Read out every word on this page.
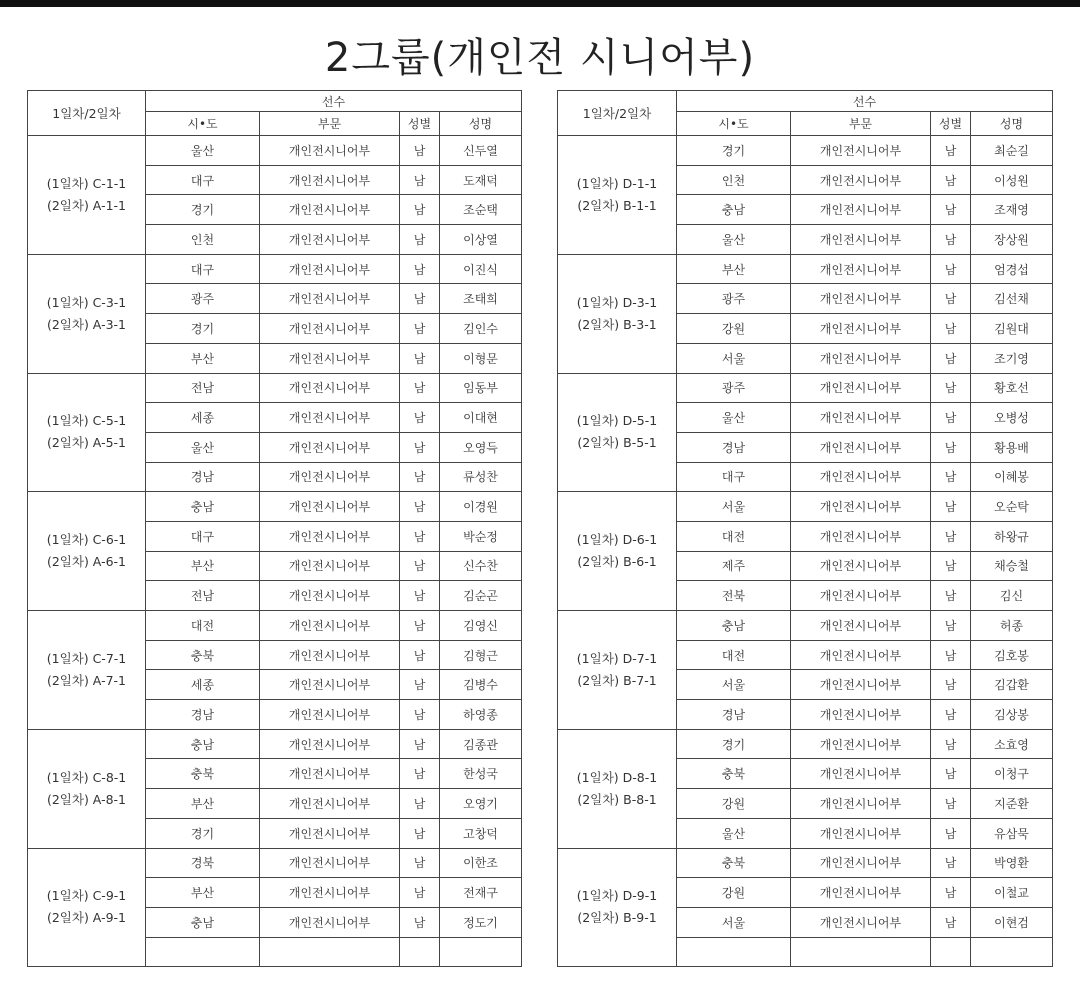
2그룹(개인전 시니어부)
1일차/2일차	선수			
	시•도	부문	성별	성명

(1일차) C-1-1
(2일차) A-1-1	울산	개인전시니어부	남	신두열
	대구	개인전시니어부	남	도재덕
	경기	개인전시니어부	남	조순택
	인천	개인전시니어부	남	이상열

(1일차) C-3-1
(2일차) A-3-1	대구	개인전시니어부	남	이진식
	광주	개인전시니어부	남	조태희
	경기	개인전시니어부	남	김인수
	부산	개인전시니어부	남	이형문

(1일차) C-5-1
(2일차) A-5-1	전남	개인전시니어부	남	임동부
	세종	개인전시니어부	남	이대현
	울산	개인전시니어부	남	오영득
	경남	개인전시니어부	남	류성찬

(1일차) C-6-1
(2일차) A-6-1	충남	개인전시니어부	남	이경원
	대구	개인전시니어부	남	박순정
	부산	개인전시니어부	남	신수찬
	전남	개인전시니어부	남	김순곤

(1일차) C-7-1
(2일차) A-7-1	대전	개인전시니어부	남	김영신
	충북	개인전시니어부	남	김형근
	세종	개인전시니어부	남	김병수
	경남	개인전시니어부	남	하영종

(1일차) C-8-1
(2일차) A-8-1	충남	개인전시니어부	남	김종관
	충북	개인전시니어부	남	한성국
	부산	개인전시니어부	남	오영기
	경기	개인전시니어부	남	고창덕

(1일차) C-9-1
(2일차) A-9-1	경북	개인전시니어부	남	이한조
	부산	개인전시니어부	남	전재구
	충남	개인전시니어부	남	정도기

1일차/2일차	선수			
	시•도	부문	성별	성명

(1일차) D-1-1
(2일차) B-1-1	경기	개인전시니어부	남	최순길
	인천	개인전시니어부	남	이성원
	충남	개인전시니어부	남	조재영
	울산	개인전시니어부	남	장상원

(1일차) D-3-1
(2일차) B-3-1	부산	개인전시니어부	남	엄경섭
	광주	개인전시니어부	남	김선채
	강원	개인전시니어부	남	김원대
	서울	개인전시니어부	남	조기영

(1일차) D-5-1
(2일차) B-5-1	광주	개인전시니어부	남	황호선
	울산	개인전시니어부	남	오병성
	경남	개인전시니어부	남	황용배
	대구	개인전시니어부	남	이혜봉

(1일차) D-6-1
(2일차) B-6-1	서울	개인전시니어부	남	오순탁
	대전	개인전시니어부	남	하왕규
	제주	개인전시니어부	남	채승철
	전북	개인전시니어부	남	김신

(1일차) D-7-1
(2일차) B-7-1	충남	개인전시니어부	남	허종
	대전	개인전시니어부	남	김호봉
	서울	개인전시니어부	남	김갑환
	경남	개인전시니어부	남	김상봉

(1일차) D-8-1
(2일차) B-8-1	경기	개인전시니어부	남	소효영
	충북	개인전시니어부	남	이청구
	강원	개인전시니어부	남	지준환
	울산	개인전시니어부	남	유삼묵

(1일차) D-9-1
(2일차) B-9-1	충북	개인전시니어부	남	박영환
	강원	개인전시니어부	남	이철교
	서울	개인전시니어부	남	이현검
